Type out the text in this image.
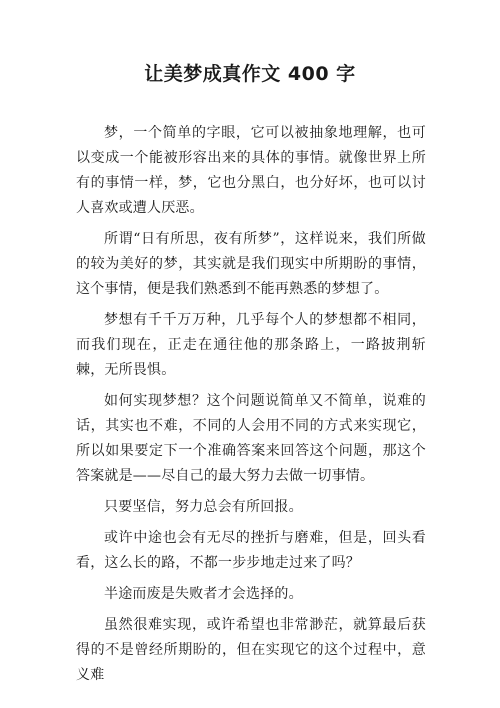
让美梦成真作文 400 字

梦，一个简单的字眼，它可以被抽象地理解，也可以变成一个能被形容出来的具体的事情。就像世界上所有的事情一样，梦，它也分黑白，也分好坏，也可以讨人喜欢或遭人厌恶。

所谓“日有所思，夜有所梦”，这样说来，我们所做的较为美好的梦，其实就是我们现实中所期盼的事情，这个事情，便是我们熟悉到不能再熟悉的梦想了。

梦想有千千万万种，几乎每个人的梦想都不相同，而我们现在，正走在通往他的那条路上，一路披荆斩棘，无所畏惧。

如何实现梦想？这个问题说简单又不简单，说难的话，其实也不难，不同的人会用不同的方式来实现它，所以如果要定下一个准确答案来回答这个问题，那这个答案就是——尽自己的最大努力去做一切事情。

只要坚信，努力总会有所回报。

或许中途也会有无尽的挫折与磨难，但是，回头看看，这么长的路，不都一步步地走过来了吗？

半途而废是失败者才会选择的。

虽然很难实现，或许希望也非常渺茫，就算最后获得的不是曾经所期盼的，但在实现它的这个过程中，意义难
